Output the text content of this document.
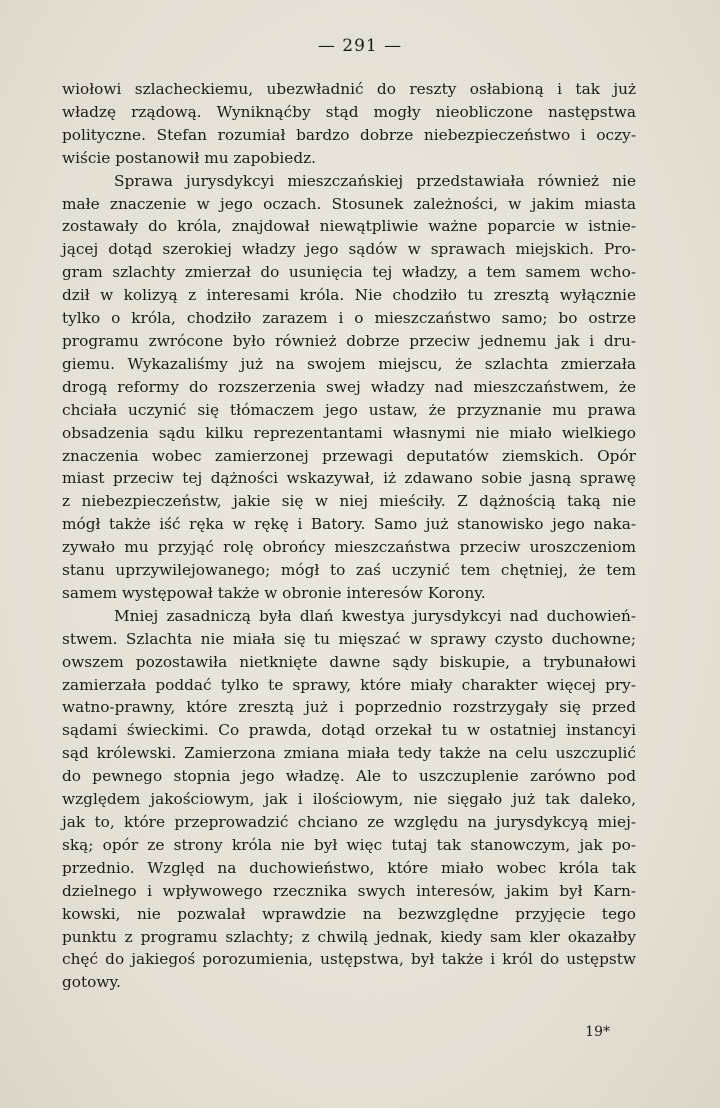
— 291 —
wiołowi szlacheckiemu, ubezwładnić do reszty osłabioną i tak już
władzę rządową. Wyniknąćby stąd mogły nieobliczone następstwa
polityczne. Stefan rozumiał bardzo dobrze niebezpieczeństwo i oczy-
wiście postanowił mu zapobiedz.
Sprawa jurysdykcyi mieszczańskiej przedstawiała również nie
małe znaczenie w jego oczach. Stosunek zależności, w jakim miasta
zostawały do króla, znajdował niewątpliwie ważne poparcie w istnie-
jącej dotąd szerokiej władzy jego sądów w sprawach miejskich. Pro-
gram szlachty zmierzał do usunięcia tej władzy, a tem samem wcho-
dził w kolizyą z interesami króla. Nie chodziło tu zresztą wyłącznie
tylko o króla, chodziło zarazem i o mieszczaństwo samo; bo ostrze
programu zwrócone było również dobrze przeciw jednemu jak i dru-
giemu. Wykazaliśmy już na swojem miejscu, że szlachta zmierzała
drogą reformy do rozszerzenia swej władzy nad mieszczaństwem, że
chciała uczynić się tłómaczem jego ustaw, że przyznanie mu prawa
obsadzenia sądu kilku reprezentantami własnymi nie miało wielkiego
znaczenia wobec zamierzonej przewagi deputatów ziemskich. Opór
miast przeciw tej dążności wskazywał, iż zdawano sobie jasną sprawę
z niebezpieczeństw, jakie się w niej mieściły. Z dążnością taką nie
mógł także iść ręka w rękę i Batory. Samo już stanowisko jego naka-
zywało mu przyjąć rolę obrońcy mieszczaństwa przeciw uroszczeniom
stanu uprzywilejowanego; mógł to zaś uczynić tem chętniej, że tem
samem występował także w obronie interesów Korony.
Mniej zasadniczą była dlań kwestya jurysdykcyi nad duchowień-
stwem. Szlachta nie miała się tu mięszać w sprawy czysto duchowne;
owszem pozostawiła nietknięte dawne sądy biskupie, a trybunałowi
zamierzała poddać tylko te sprawy, które miały charakter więcej pry-
watno-prawny, które zresztą już i poprzednio rozstrzygały się przed
sądami świeckimi. Co prawda, dotąd orzekał tu w ostatniej instancyi
sąd królewski. Zamierzona zmiana miała tedy także na celu uszczuplić
do pewnego stopnia jego władzę. Ale to uszczuplenie zarówno pod
względem jakościowym, jak i ilościowym, nie sięgało już tak daleko,
jak to, które przeprowadzić chciano ze względu na jurysdykcyą miej-
ską; opór ze strony króla nie był więc tutaj tak stanowczym, jak po-
przednio. Względ na duchowieństwo, które miało wobec króla tak
dzielnego i wpływowego rzecznika swych interesów, jakim był Karn-
kowski, nie pozwalał wprawdzie na bezwzględne przyjęcie tego
punktu z programu szlachty; z chwilą jednak, kiedy sam kler okazałby
chęć do jakiegoś porozumienia, ustępstwa, był także i król do ustępstw
gotowy.
19*
